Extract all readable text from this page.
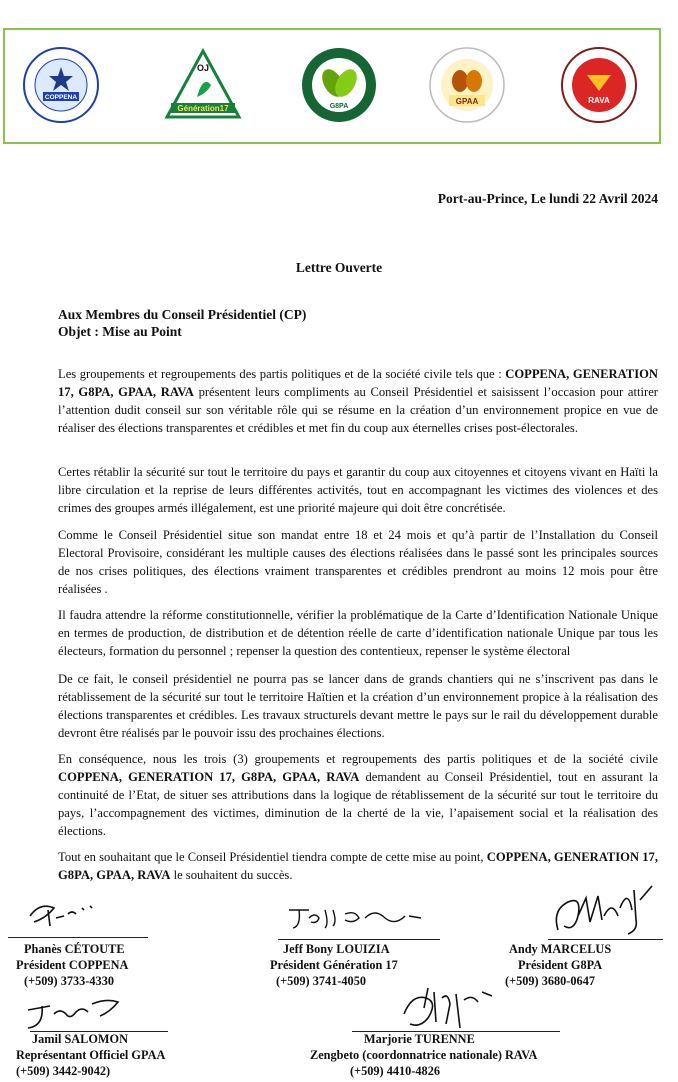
COPPENA
OJ
Génération17	G8PA
GPAA	RAVA
Port-au-Prince, Le lundi 22 Avril 2024
Lettre Ouverte
Aux Membres du Conseil Présidentiel (CP)
Objet : Mise au Point

Les groupements et regroupements des partis politiques et de la société civile tels que : COPPENA, GENERATION 17, G8PA, GPAA, RAVA présentent leurs compliments au Conseil Présidentiel et saisissent l’occasion pour attirer l’attention dudit conseil sur son véritable rôle qui se résume en la création d’un environnement propice en vue de réaliser des élections transparentes et crédibles et met fin du coup aux éternelles crises post-électorales.

Certes rétablir la sécurité sur tout le territoire du pays et garantir du coup aux citoyennes et citoyens vivant en Haïti la libre circulation et la reprise de leurs différentes activités, tout en accompagnant les victimes des violences et des crimes des groupes armés illégalement, est une priorité majeure qui doit être concrétisée.

Comme le Conseil Présidentiel situe son mandat entre 18 et 24 mois et qu’à partir de l’Installation du Conseil Electoral Provisoire, considérant les multiple causes des élections réalisées dans le passé sont les principales sources de nos crises politiques, des élections vraiment transparentes et crédibles prendront au moins 12 mois pour être réalisées .

Il faudra attendre la réforme constitutionnelle, vérifier la problématique de la Carte d’Identification Nationale Unique en termes de production, de distribution et de détention réelle de carte d’identification nationale Unique par tous les électeurs, formation du personnel ; repenser la question des contentieux, repenser le système électoral

De ce fait, le conseil présidentiel ne pourra pas se lancer dans de grands chantiers qui ne s’inscrivent pas dans le rétablissement de la sécurité sur tout le territoire Haïtien et la création d’un environnement propice à la réalisation des élections transparentes et crédibles. Les travaux structurels devant mettre le pays sur le rail du développement durable devront être réalisés par le pouvoir issu des prochaines élections.

En conséquence, nous les trois (3) groupements et regroupements des partis politiques et de la société civile COPPENA, GENERATION 17, G8PA, GPAA, RAVA demandent au Conseil Présidentiel, tout en assurant la continuité de l’Etat, de situer ses attributions dans la logique de rétablissement de la sécurité sur tout le territoire du pays, l’accompagnement des victimes, diminution de la cherté de la vie, l’apaisement social et la réalisation des élections.

Tout en souhaitant que le Conseil Présidentiel tiendra compte de cette mise au point, COPPENA, GENERATION 17, G8PA, GPAA, RAVA le souhaitent du succès.

Phanès CÉTOUTE
Président COPPENA
(+509) 3733-4330
Jeff Bony LOUIZIA
Président Génération 17
(+509) 3741-4050
Andy MARCELUS
Président G8PA
(+509) 3680-0647
Jamil SALOMON
Représentant Officiel GPAA
(+509) 3442-9042)
Marjorie TURENNE
Zengbeto (coordonnatrice nationale) RAVA
(+509) 4410-4826
